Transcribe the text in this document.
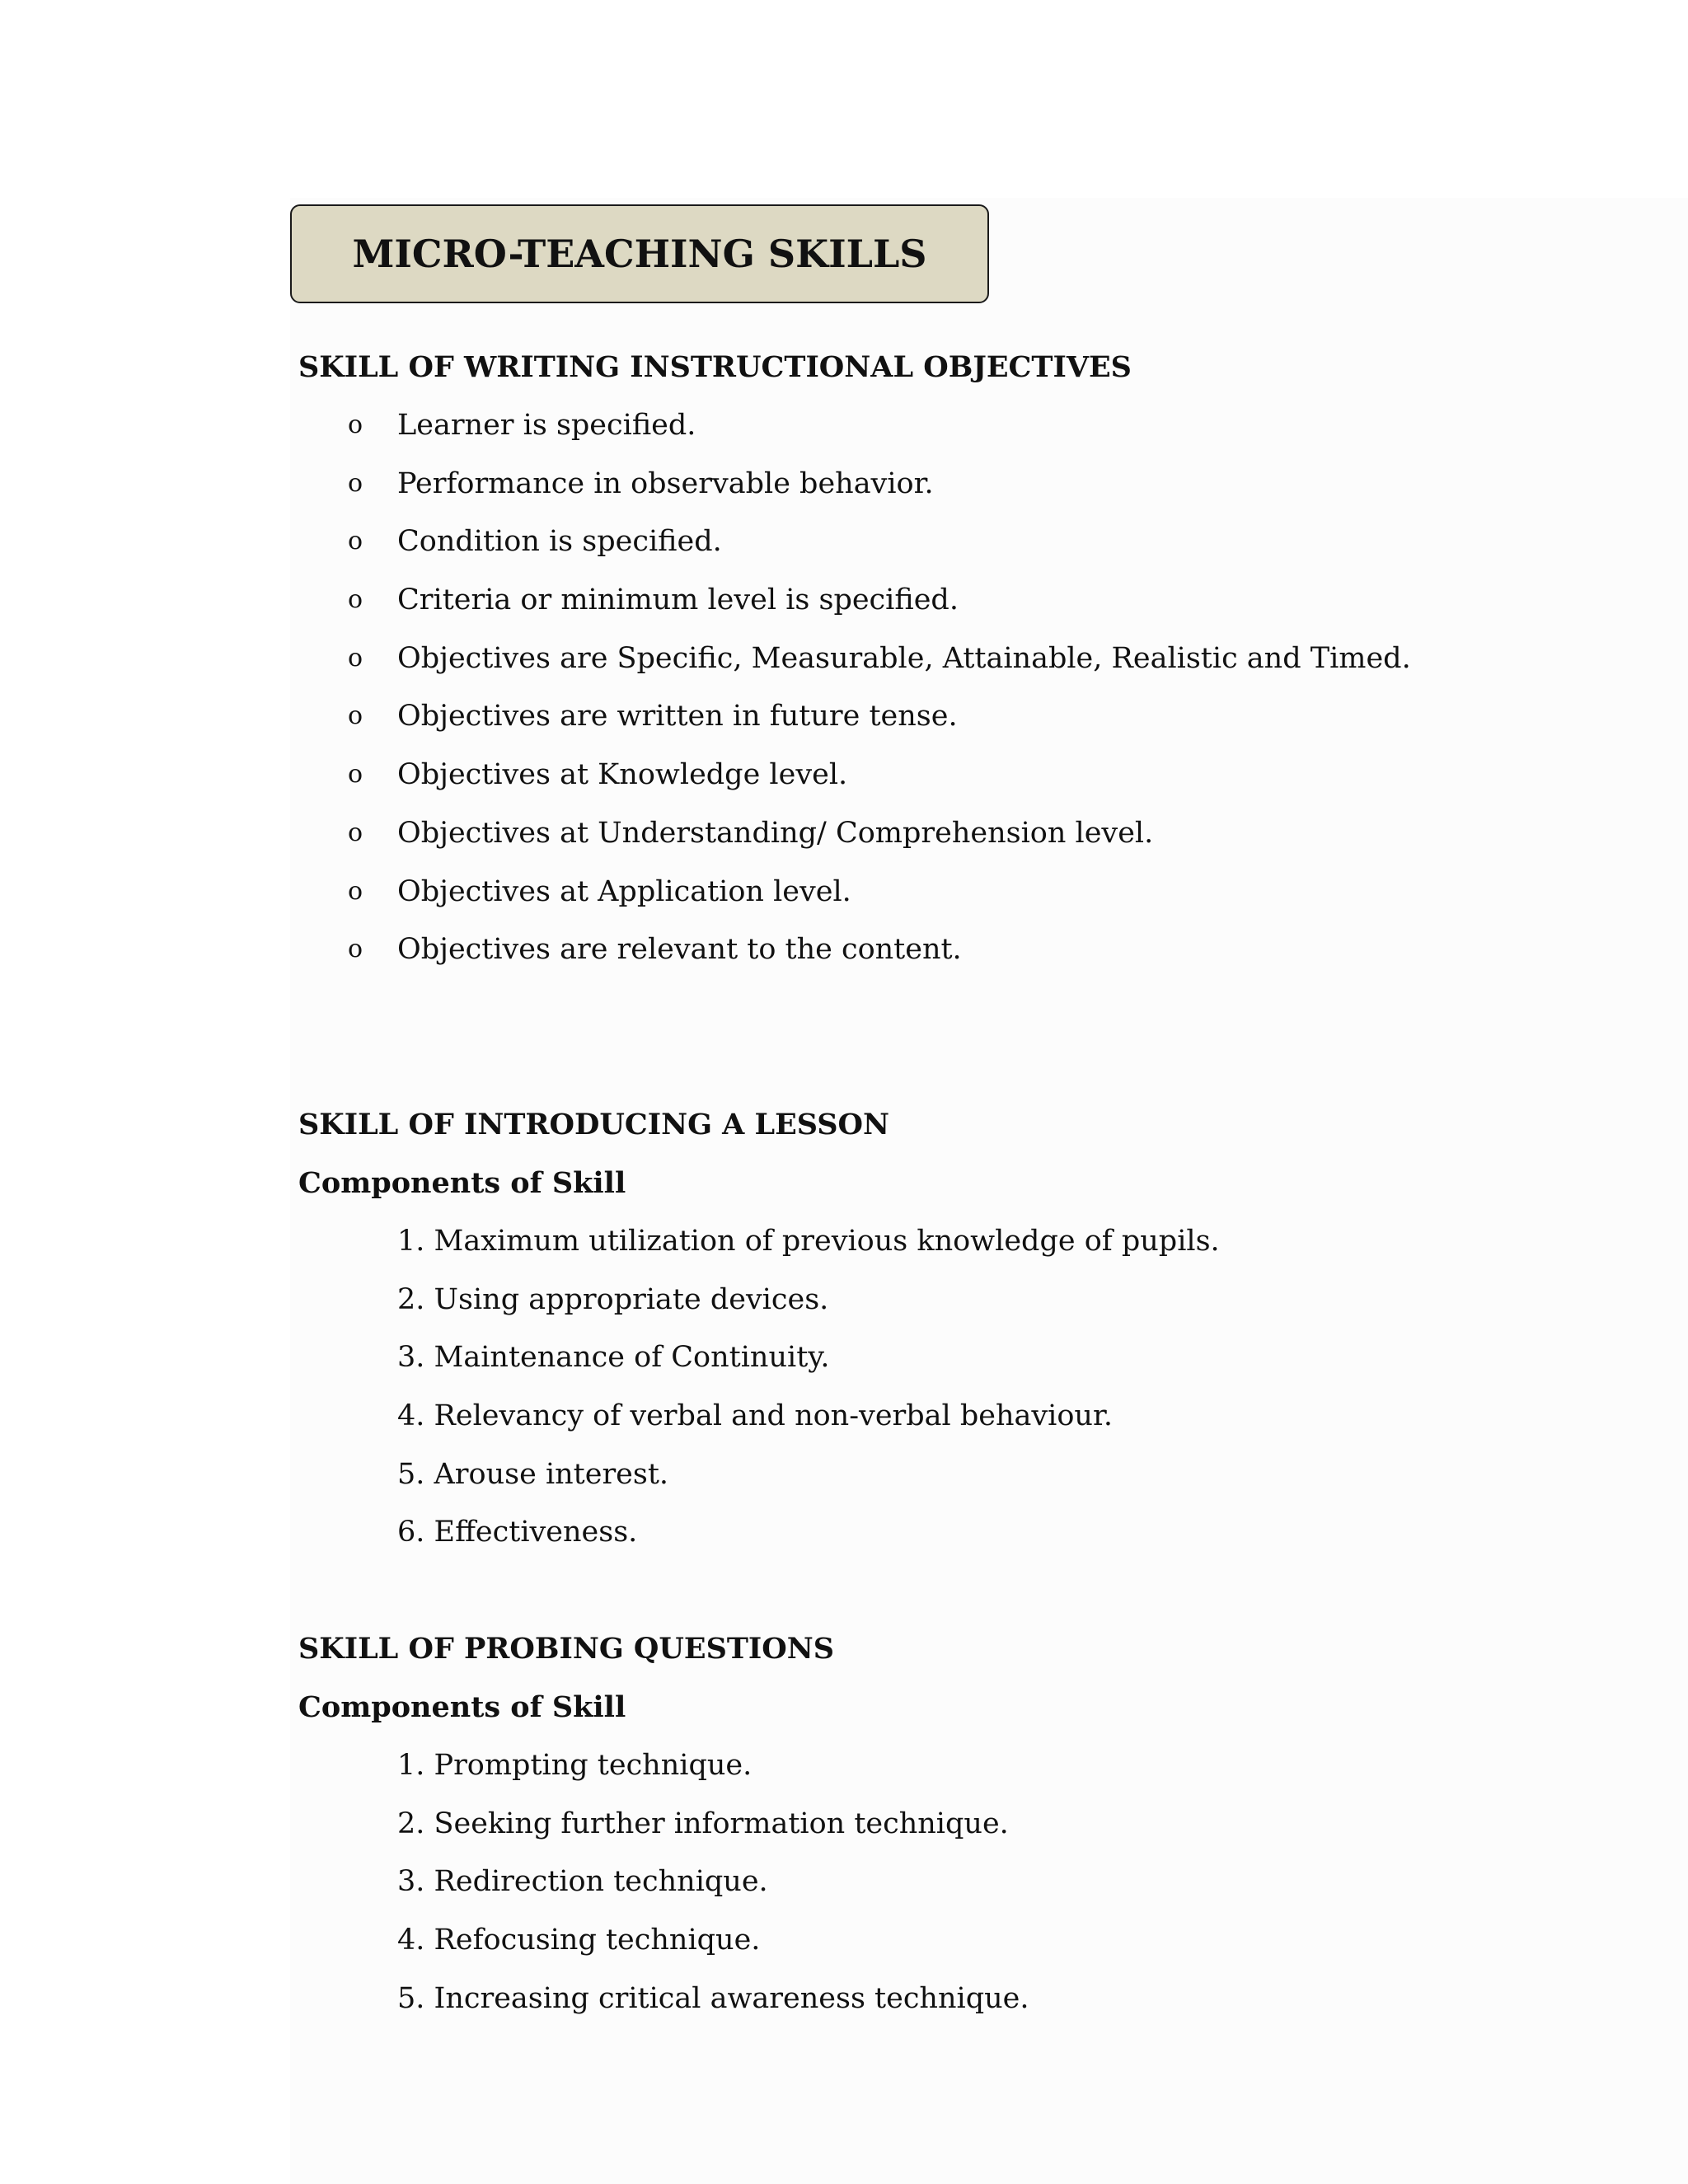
MICRO-TEACHING SKILLS
SKILL OF WRITING INSTRUCTIONAL OBJECTIVES
o Learner is specified.
o Performance in observable behavior.
o Condition is specified.
o Criteria or minimum level is specified.
o Objectives are Specific, Measurable, Attainable, Realistic and Timed.
o Objectives are written in future tense.
o Objectives at Knowledge level.
o Objectives at Understanding/ Comprehension level.
o Objectives at Application level.
o Objectives are relevant to the content.
SKILL OF INTRODUCING A LESSON
Components of Skill
1. Maximum utilization of previous knowledge of pupils.
2. Using appropriate devices.
3. Maintenance of Continuity.
4. Relevancy of verbal and non-verbal behaviour.
5. Arouse interest.
6. Effectiveness.
SKILL OF PROBING QUESTIONS
Components of Skill
1. Prompting technique.
2. Seeking further information technique.
3. Redirection technique.
4. Refocusing technique.
5. Increasing critical awareness technique.
